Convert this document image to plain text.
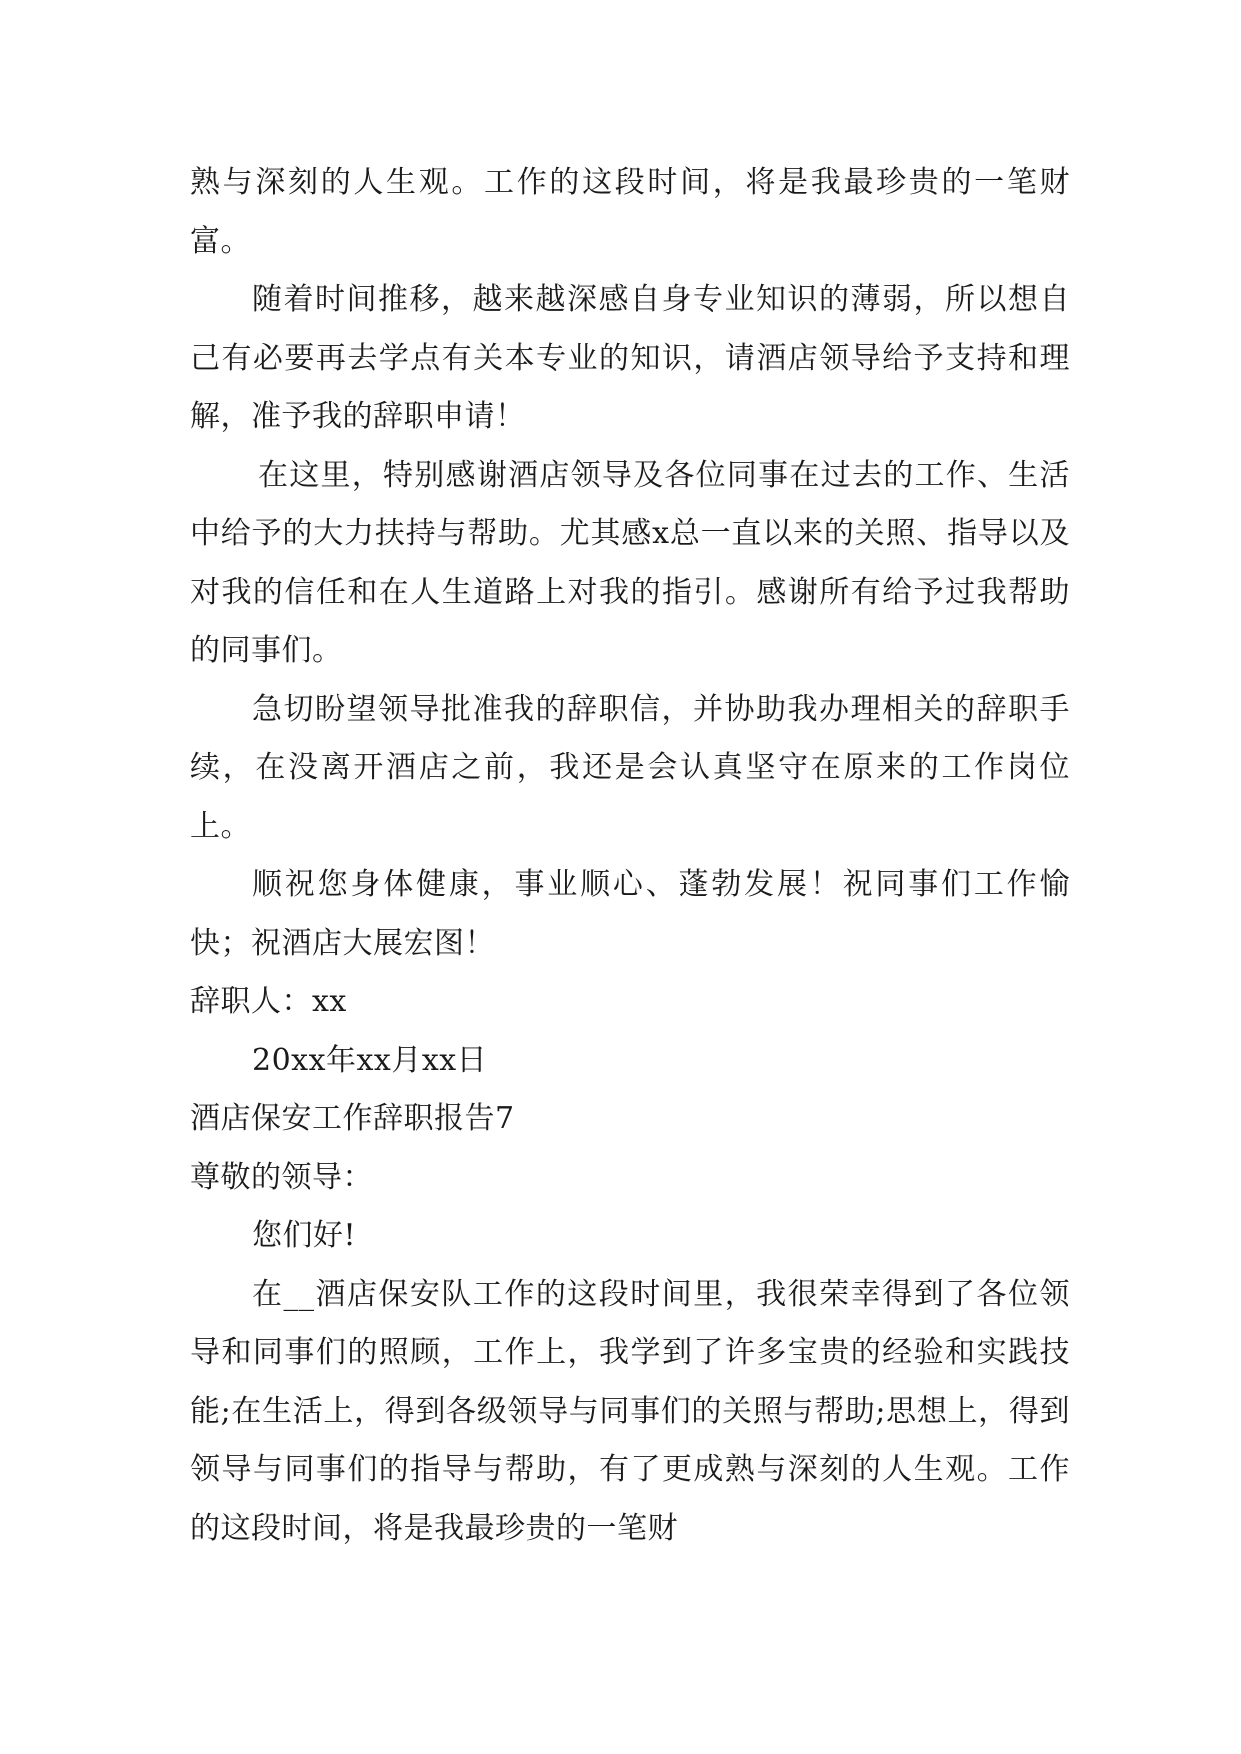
熟与深刻的人生观。工作的这段时间，将是我最珍贵的一笔财富。

随着时间推移，越来越深感自身专业知识的薄弱，所以想自己有必要再去学点有关本专业的知识，请酒店领导给予支持和理解，准予我的辞职申请！

在这里，特别感谢酒店领导及各位同事在过去的工作、生活中给予的大力扶持与帮助。尤其感x总一直以来的关照、指导以及对我的信任和在人生道路上对我的指引。感谢所有给予过我帮助的同事们。

急切盼望领导批准我的辞职信，并协助我办理相关的辞职手续，在没离开酒店之前，我还是会认真坚守在原来的工作岗位上。

顺祝您身体健康，事业顺心、蓬勃发展！祝同事们工作愉快；祝酒店大展宏图！

辞职人：xx

20xx年xx月xx日

酒店保安工作辞职报告7

尊敬的领导：

您们好!

在__酒店保安队工作的这段时间里，我很荣幸得到了各位领导和同事们的照顾，工作上，我学到了许多宝贵的经验和实践技能;在生活上，得到各级领导与同事们的关照与帮助;思想上，得到领导与同事们的指导与帮助，有了更成熟与深刻的人生观。工作的这段时间，将是我最珍贵的一笔财
